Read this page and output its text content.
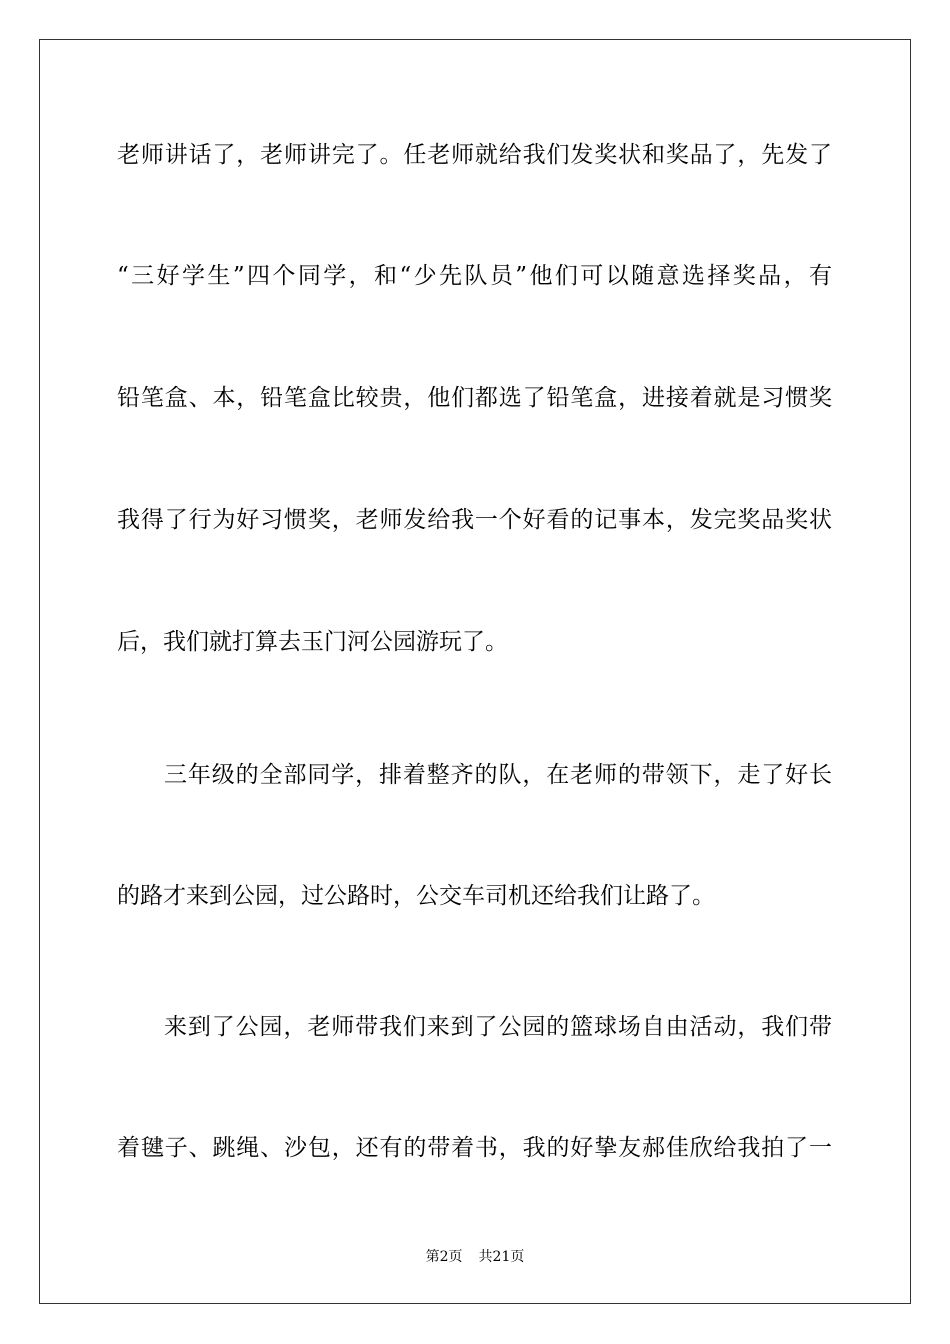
老师讲话了，老师讲完了。任老师就给我们发奖状和奖品了，先发了
“三好学生”四个同学，和“少先队员”他们可以随意选择奖品，有
铅笔盒、本，铅笔盒比较贵，他们都选了铅笔盒，进接着就是习惯奖
我得了行为好习惯奖，老师发给我一个好看的记事本，发完奖品奖状
后，我们就打算去玉门河公园游玩了。
三年级的全部同学，排着整齐的队，在老师的带领下，走了好长
的路才来到公园，过公路时，公交车司机还给我们让路了。
来到了公园，老师带我们来到了公园的篮球场自由活动，我们带
着毽子、跳绳、沙包，还有的带着书，我的好挚友郝佳欣给我拍了一
第2页 共21页
